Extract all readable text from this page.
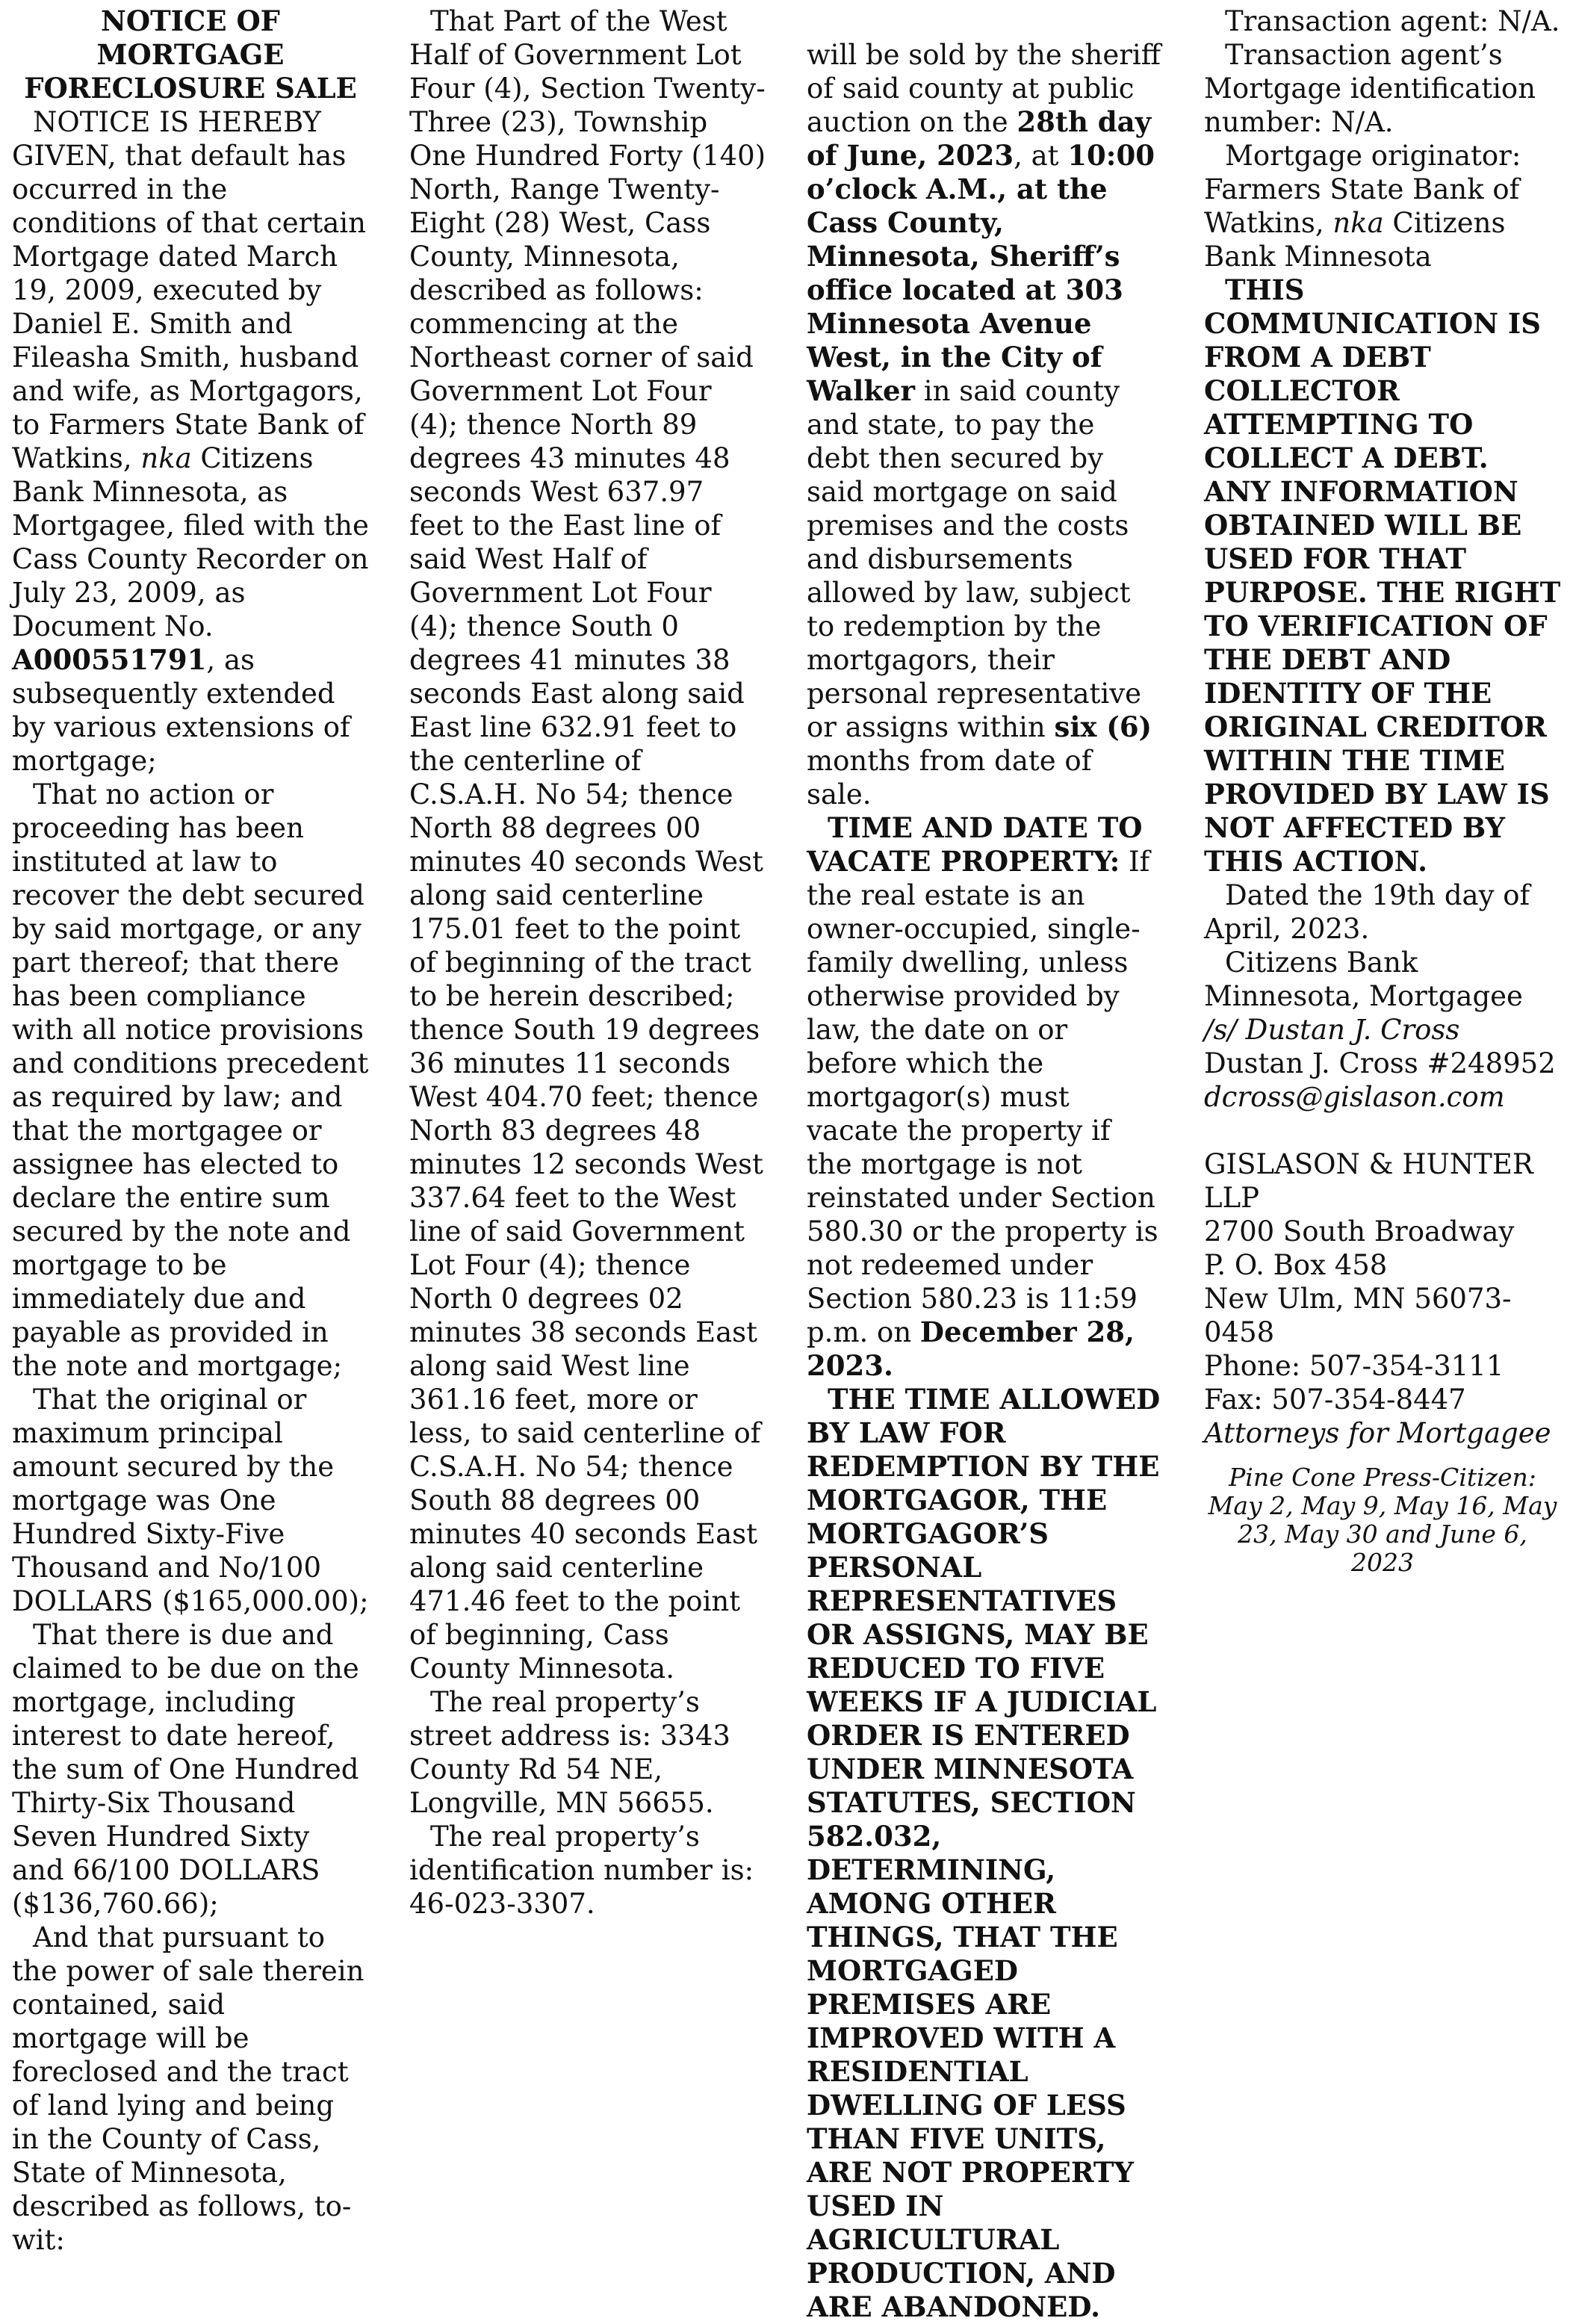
NOTICE OF MORTGAGE FORECLOSURE SALE

NOTICE IS HEREBY GIVEN, that default has occurred in the conditions of that certain Mortgage dated March 19, 2009, executed by Daniel E. Smith and Fileasha Smith, husband and wife, as Mortgagors, to Farmers State Bank of Watkins, nka Citizens Bank Minnesota, as Mortgagee, filed with the Cass County Recorder on July 23, 2009, as Document No. A000551791, as subsequently extended by various extensions of mortgage;

That no action or proceeding has been instituted at law to recover the debt secured by said mortgage, or any part thereof; that there has been compliance with all notice provisions and conditions precedent as required by law; and that the mortgagee or assignee has elected to declare the entire sum secured by the note and mortgage to be immediately due and payable as provided in the note and mortgage;

That the original or maximum principal amount secured by the mortgage was One Hundred Sixty-Five Thousand and No/100 DOLLARS ($165,000.00);

That there is due and claimed to be due on the mortgage, including interest to date hereof, the sum of One Hundred Thirty-Six Thousand Seven Hundred Sixty and 66/100 DOLLARS ($136,760.66);

And that pursuant to the power of sale therein contained, said mortgage will be foreclosed and the tract of land lying and being in the County of Cass, State of Minnesota, described as follows, to-wit:

That Part of the West Half of Government Lot Four (4), Section Twenty-Three (23), Township One Hundred Forty (140) North, Range Twenty-Eight (28) West, Cass County, Minnesota, described as follows: commencing at the Northeast corner of said Government Lot Four (4); thence North 89 degrees 43 minutes 48 seconds West 637.97 feet to the East line of said West Half of Government Lot Four (4); thence South 0 degrees 41 minutes 38 seconds East along said East line 632.91 feet to the centerline of C.S.A.H. No 54; thence North 88 degrees 00 minutes 40 seconds West along said centerline 175.01 feet to the point of beginning of the tract to be herein described; thence South 19 degrees 36 minutes 11 seconds West 404.70 feet; thence North 83 degrees 48 minutes 12 seconds West 337.64 feet to the West line of said Government Lot Four (4); thence North 0 degrees 02 minutes 38 seconds East along said West line 361.16 feet, more or less, to said centerline of C.S.A.H. No 54; thence South 88 degrees 00 minutes 40 seconds East along said centerline 471.46 feet to the point of beginning, Cass County Minnesota.

The real property’s street address is: 3343 County Rd 54 NE, Longville, MN 56655.

The real property’s identification number is: 46-023-3307.

will be sold by the sheriff of said county at public auction on the 28th day of June, 2023, at 10:00 o’clock A.M., at the Cass County, Minnesota, Sheriff’s office located at 303 Minnesota Avenue West, in the City of Walker in said county and state, to pay the debt then secured by said mortgage on said premises and the costs and disbursements allowed by law, subject to redemption by the mortgagors, their personal representative or assigns within six (6) months from date of sale.

TIME AND DATE TO VACATE PROPERTY: If the real estate is an owner-occupied, single-family dwelling, unless otherwise provided by law, the date on or before which the mortgagor(s) must vacate the property if the mortgage is not reinstated under Section 580.30 or the property is not redeemed under Section 580.23 is 11:59 p.m. on December 28, 2023.

THE TIME ALLOWED BY LAW FOR REDEMPTION BY THE MORTGAGOR, THE MORTGAGOR’S PERSONAL REPRESENTATIVES OR ASSIGNS, MAY BE REDUCED TO FIVE WEEKS IF A JUDICIAL ORDER IS ENTERED UNDER MINNESOTA STATUTES, SECTION 582.032, DETERMINING, AMONG OTHER THINGS, THAT THE MORTGAGED PREMISES ARE IMPROVED WITH A RESIDENTIAL DWELLING OF LESS THAN FIVE UNITS, ARE NOT PROPERTY USED IN AGRICULTURAL PRODUCTION, AND ARE ABANDONED.

Transaction agent: N/A.

Transaction agent’s Mortgage identification number: N/A.

Mortgage originator: Farmers State Bank of Watkins, nka Citizens Bank Minnesota

THIS COMMUNICATION IS FROM A DEBT COLLECTOR ATTEMPTING TO COLLECT A DEBT. ANY INFORMATION OBTAINED WILL BE USED FOR THAT PURPOSE. THE RIGHT TO VERIFICATION OF THE DEBT AND IDENTITY OF THE ORIGINAL CREDITOR WITHIN THE TIME PROVIDED BY LAW IS NOT AFFECTED BY THIS ACTION.

Dated the 19th day of April, 2023.

Citizens Bank Minnesota, Mortgagee

/s/ Dustan J. Cross

Dustan J. Cross #248952

dcross@gislason.com

GISLASON & HUNTER LLP

2700 South Broadway

P. O. Box 458

New Ulm, MN 56073-0458

Phone: 507-354-3111

Fax: 507-354-8447

Attorneys for Mortgagee

Pine Cone Press-Citizen: May 2, May 9, May 16, May 23, May 30 and June 6, 2023
